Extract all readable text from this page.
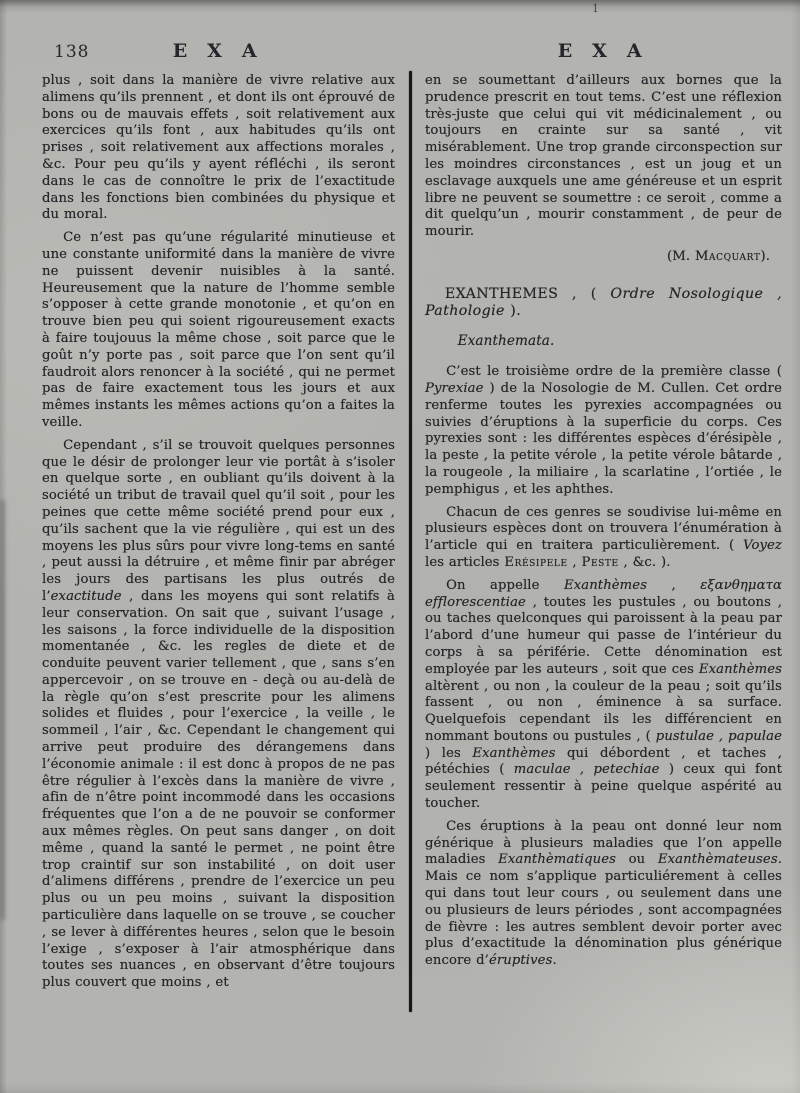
1
138	E X A	E X A

plus , soit dans la manière de vivre relative aux alimens qu’ils prennent , et dont ils ont éprouvé de bons ou de mauvais effets , soit relativement aux exercices qu’ils font , aux habitudes qu’ils ont prises , soit relativement aux affections morales , &c. Pour peu qu’ils y ayent réfléchi , ils seront dans le cas de connoître le prix de l’exactitude dans les fonctions bien combinées du physique et du moral.

Ce n’est pas qu’une régularité minutieuse et une constante uniformité dans la manière de vivre ne puissent devenir nuisibles à la santé. Heureusement que la nature de l’homme semble s’opposer à cette grande monotonie , et qu’on en trouve bien peu qui soient rigoureusement exacts à faire toujouus la même chose , soit parce que le goût n’y porte pas , soit parce que l’on sent qu’il faudroit alors renoncer à la société , qui ne permet pas de faire exactement tous les jours et aux mêmes instants les mêmes actions qu’on a faites la veille.

Cependant , s’il se trouvoit quelques personnes que le désir de prolonger leur vie portât à s’isoler en quelque sorte , en oubliant qu’ils doivent à la société un tribut de travail quel qu’il soit , pour les peines que cette même société prend pour eux , qu’ils sachent que la vie régulière , qui est un des moyens les plus sûrs pour vivre long-tems en santé , peut aussi la détruire , et même finir par abréger les jours des partisans les plus outrés de l’exactitude , dans les moyens qui sont relatifs à leur conservation. On sait que , suivant l’usage , les saisons , la force individuelle de la disposition momentanée , &c. les regles de diete et de conduite peuvent varier tellement , que , sans s’en appercevoir , on se trouve en - deçà ou au-delà de la règle qu’on s’est prescrite pour les alimens solides et fluides , pour l’exercice , la veille , le sommeil , l’air , &c. Cependant le changement qui arrive peut produire des dérangemens dans l’économie animale : il est donc à propos de ne pas être régulier à l’excès dans la manière de vivre , afin de n’être point incommodé dans les occasions fréquentes que l’on a de ne pouvoir se conformer aux mêmes règles. On peut sans danger , on doit même , quand la santé le permet , ne point être trop craintif sur son instabilité , on doit user d’alimens différens , prendre de l’exercice un peu plus ou un peu moins , suivant la disposition particulière dans laquelle on se trouve , se coucher , se lever à différentes heures , selon que le besoin l’exige , s’exposer à l’air atmosphérique dans toutes ses nuances , en observant d’être toujours plus couvert que moins , et

en se soumettant d’ailleurs aux bornes que la prudence prescrit en tout tems. C’est une réflexion très-juste que celui qui vit médicinalement , ou toujours en crainte sur sa santé , vit misérablement. Une trop grande circonspection sur les moindres circonstances , est un joug et un esclavage auxquels une ame généreuse et un esprit libre ne peuvent se soumettre : ce seroit , comme a dit quelqu’un , mourir constamment , de peur de mourir.

(M. Macquart).

EXANTHEMES , ( Ordre Nosologique , Pathologie ).

Exanthemata.

C’est le troisième ordre de la première classe ( Pyrexiae ) de la Nosologie de M. Cullen. Cet ordre renferme toutes les pyrexies accompagnées ou suivies d’éruptions à la superficie du corps. Ces pyrexies sont : les différentes espèces d’érésipèle , la peste , la petite vérole , la petite vérole bâtarde , la rougeole , la miliaire , la scarlatine , l’ortiée , le pemphigus , et les aphthes.

Chacun de ces genres se soudivise lui-même en plusieurs espèces dont on trouvera l’énumération à l’article qui en traitera particulièrement. ( Voyez les articles Erésipele , Peste , &c. ).

On appelle Exanthèmes , εξανθηματα efflorescentiae , toutes les pustules , ou boutons , ou taches quelconques qui paroissent à la peau par l’abord d’une humeur qui passe de l’intérieur du corps à sa périférie. Cette dénomination est employée par les auteurs , soit que ces Exanthèmes altèrent , ou non , la couleur de la peau ; soit qu’ils fassent , ou non , éminence à sa surface. Quelquefois cependant ils les différencient en nommant boutons ou pustules , ( pustulae , papulae ) les Exanthèmes qui débordent , et taches , pétéchies ( maculae , petechiae ) ceux qui font seulement ressentir à peine quelque aspérité au toucher.

Ces éruptions à la peau ont donné leur nom générique à plusieurs maladies que l’on appelle maladies Exanthèmatiques ou Exanthèmateuses. Mais ce nom s’applique particuliérement à celles qui dans tout leur cours , ou seulement dans une ou plusieurs de leurs périodes , sont accompagnées de fièvre : les autres semblent devoir porter avec plus d’exactitude la dénomination plus générique encore d’éruptives.
